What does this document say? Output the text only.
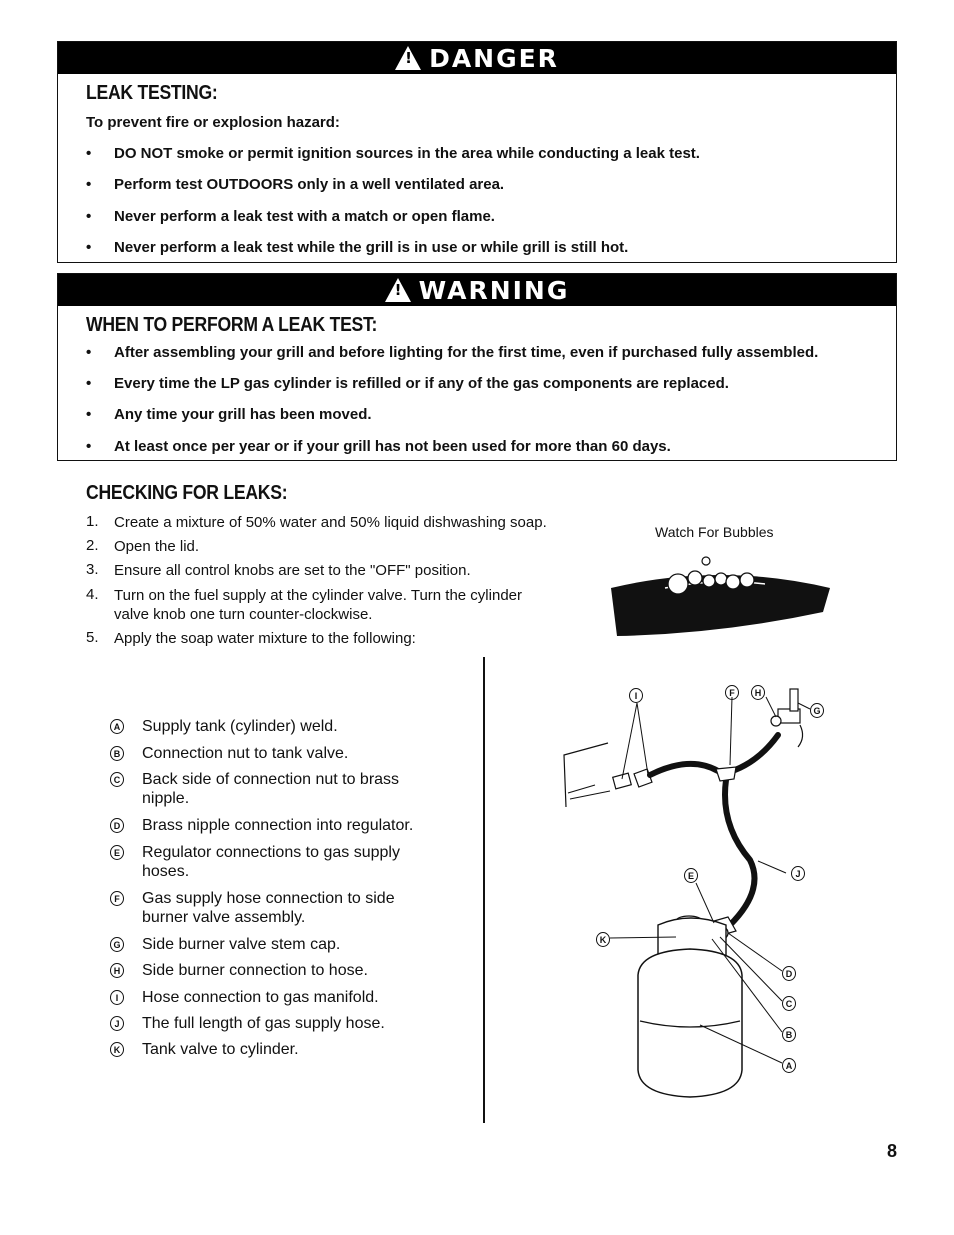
! DANGER
LEAK TESTING:
To prevent fire or explosion hazard:
• DO NOT smoke or permit ignition sources in the area while conducting a leak test.
• Perform test OUTDOORS only in a well ventilated area.
• Never perform a leak test with a match or open flame.
• Never perform a leak test while the grill is in use or while grill is still hot.
! WARNING
WHEN TO PERFORM A LEAK TEST:
• After assembling your grill and before lighting for the first time, even if purchased fully assembled.
• Every time the LP gas cylinder is refilled or if any of the gas components are replaced.
• Any time your grill has been moved.
• At least once per year or if your grill has not been used for more than 60 days.
CHECKING FOR LEAKS:
1. Create a mixture of 50% water and 50% liquid dishwashing soap.
2. Open the lid.
3. Ensure all control knobs are set to the "OFF" position.
4. Turn on the fuel supply at the cylinder valve. Turn the cylinder valve knob one turn counter-clockwise.
5. Apply the soap water mixture to the following:
Watch For Bubbles
A Supply tank (cylinder) weld.
B Connection nut to tank valve.
C Back side of connection nut to brass nipple.
D Brass nipple connection into regulator.
E Regulator connections to gas supply hoses.
F Gas supply hose connection to side burner valve assembly.
G Side burner valve stem cap.
H Side burner connection to hose.
I	Hose connection to gas manifold.
J The full length of gas supply hose.
K Tank valve to cylinder.
I	F	H
G
E	J
K
D
C
B
A
8
